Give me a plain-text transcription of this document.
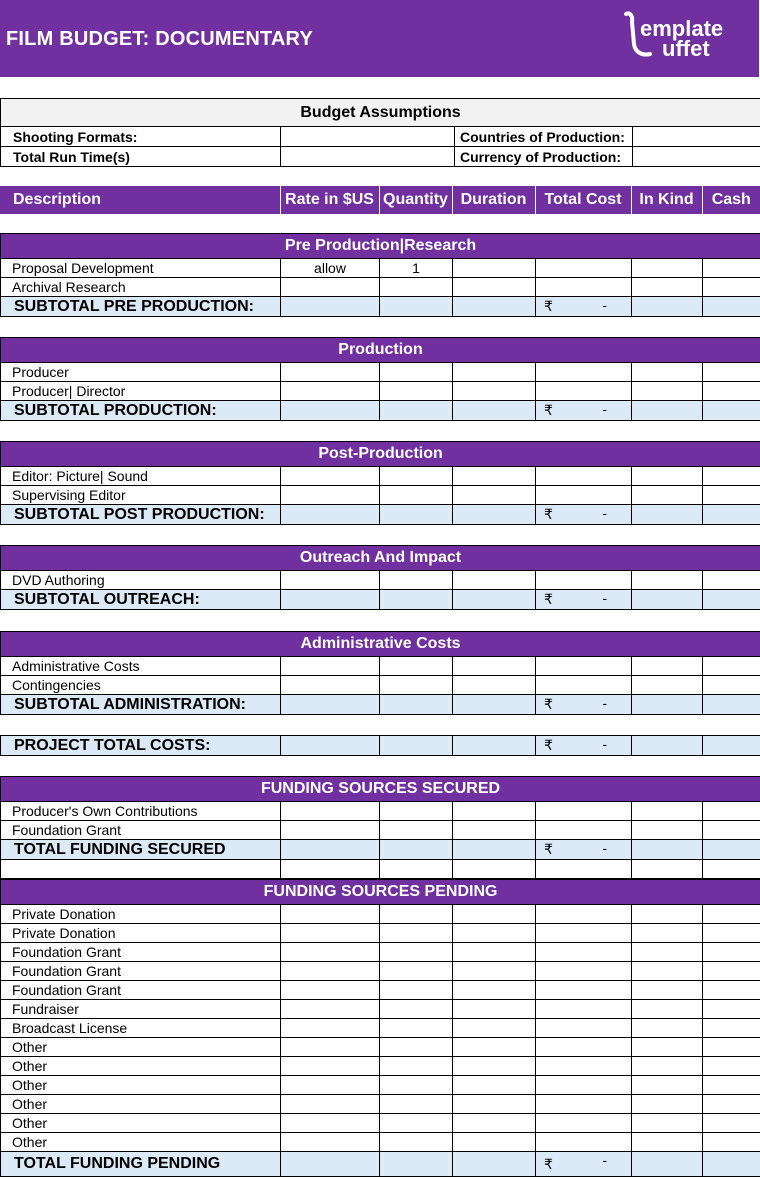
FILM BUDGET: DOCUMENTARY	emplate
uffet
Budget Assumptions			
Shooting Formats:		Countries of Production:	
Total Run Time(s)		Currency of Production:	
Description	Rate in $US	Quantity	Duration	Total Cost	In Kind	Cash
Pre Production|Research						
Proposal Development	allow	1				
Archival Research						
SUBTOTAL PRE PRODUCTION:				₹ -		

Production						
Producer						
Producer| Director						
SUBTOTAL PRODUCTION:				₹ -		

Post-Production						
Editor: Picture| Sound						
Supervising Editor						
SUBTOTAL POST PRODUCTION:				₹ -		

Outreach And Impact						
DVD Authoring						
SUBTOTAL OUTREACH:				₹ -		

Administrative Costs						
Administrative Costs						
Contingencies						
SUBTOTAL ADMINISTRATION:				₹ -		

PROJECT TOTAL COSTS:				₹	-

FUNDING SOURCES SECURED						
Producer's Own Contributions						
Foundation Grant						
TOTAL FUNDING SECURED				₹ -		

FUNDING SOURCES PENDING						
Private Donation						
Private Donation						
Foundation Grant						
Foundation Grant						
Foundation Grant						
Fundraiser						
Broadcast License						
Other						
Other						
Other						
Other						
Other						
Other						
TOTAL FUNDING PENDING				₹ -		
